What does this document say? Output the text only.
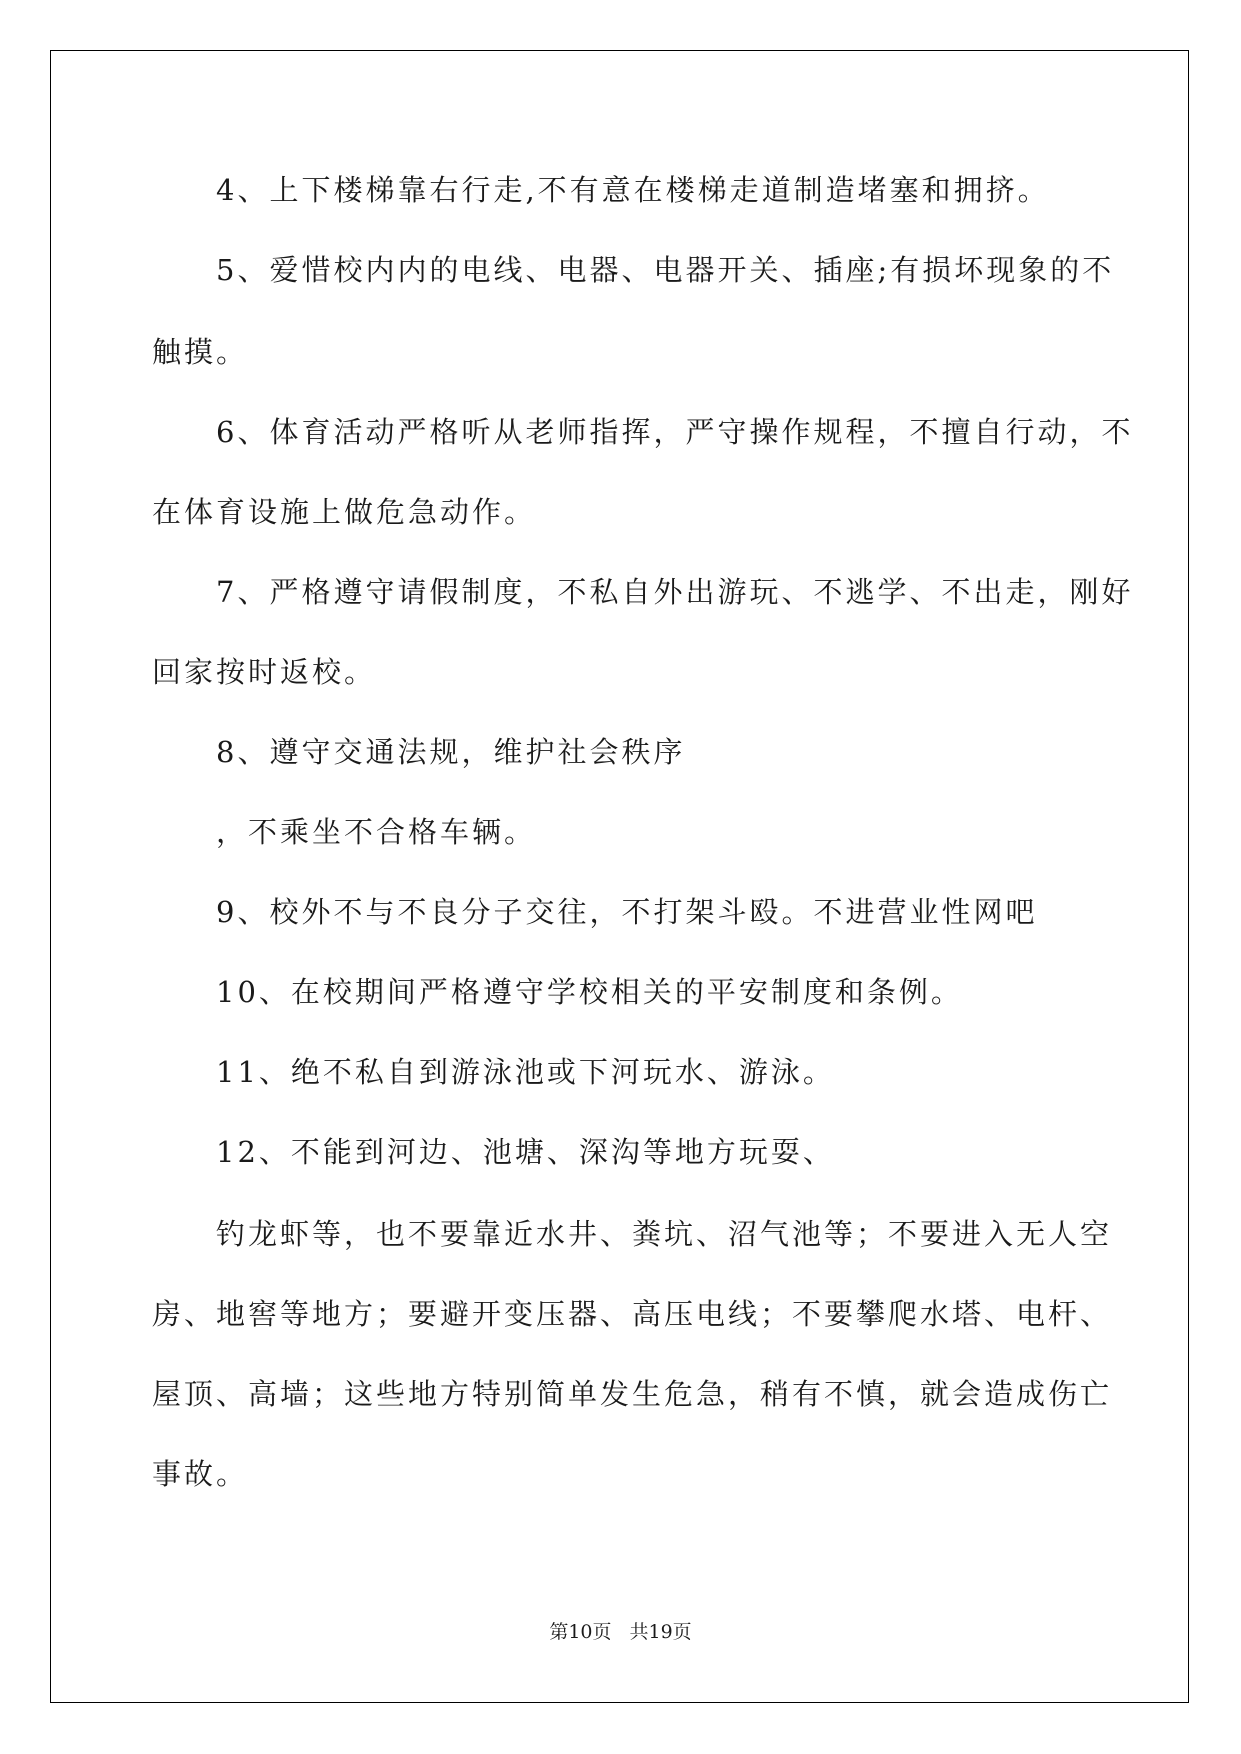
　　4、上下楼梯靠右行走,不有意在楼梯走道制造堵塞和拥挤。
　　5、爱惜校内内的电线、电器、电器开关、插座;有损坏现象的不
触摸。
　　6、体育活动严格听从老师指挥，严守操作规程，不擅自行动，不
在体育设施上做危急动作。
　　7、严格遵守请假制度，不私自外出游玩、不逃学、不出走，刚好
回家按时返校。
　　8、遵守交通法规，维护社会秩序
　　，不乘坐不合格车辆。
　　9、校外不与不良分子交往，不打架斗殴。不进营业性网吧
　　10、在校期间严格遵守学校相关的平安制度和条例。
　　11、绝不私自到游泳池或下河玩水、游泳。
　　12、不能到河边、池塘、深沟等地方玩耍、
　　钓龙虾等，也不要靠近水井、粪坑、沼气池等；不要进入无人空
房、地窖等地方；要避开变压器、高压电线；不要攀爬水塔、电杆、
屋顶、高墙；这些地方特别简单发生危急，稍有不慎，就会造成伤亡
事故。
第10页 共19页
